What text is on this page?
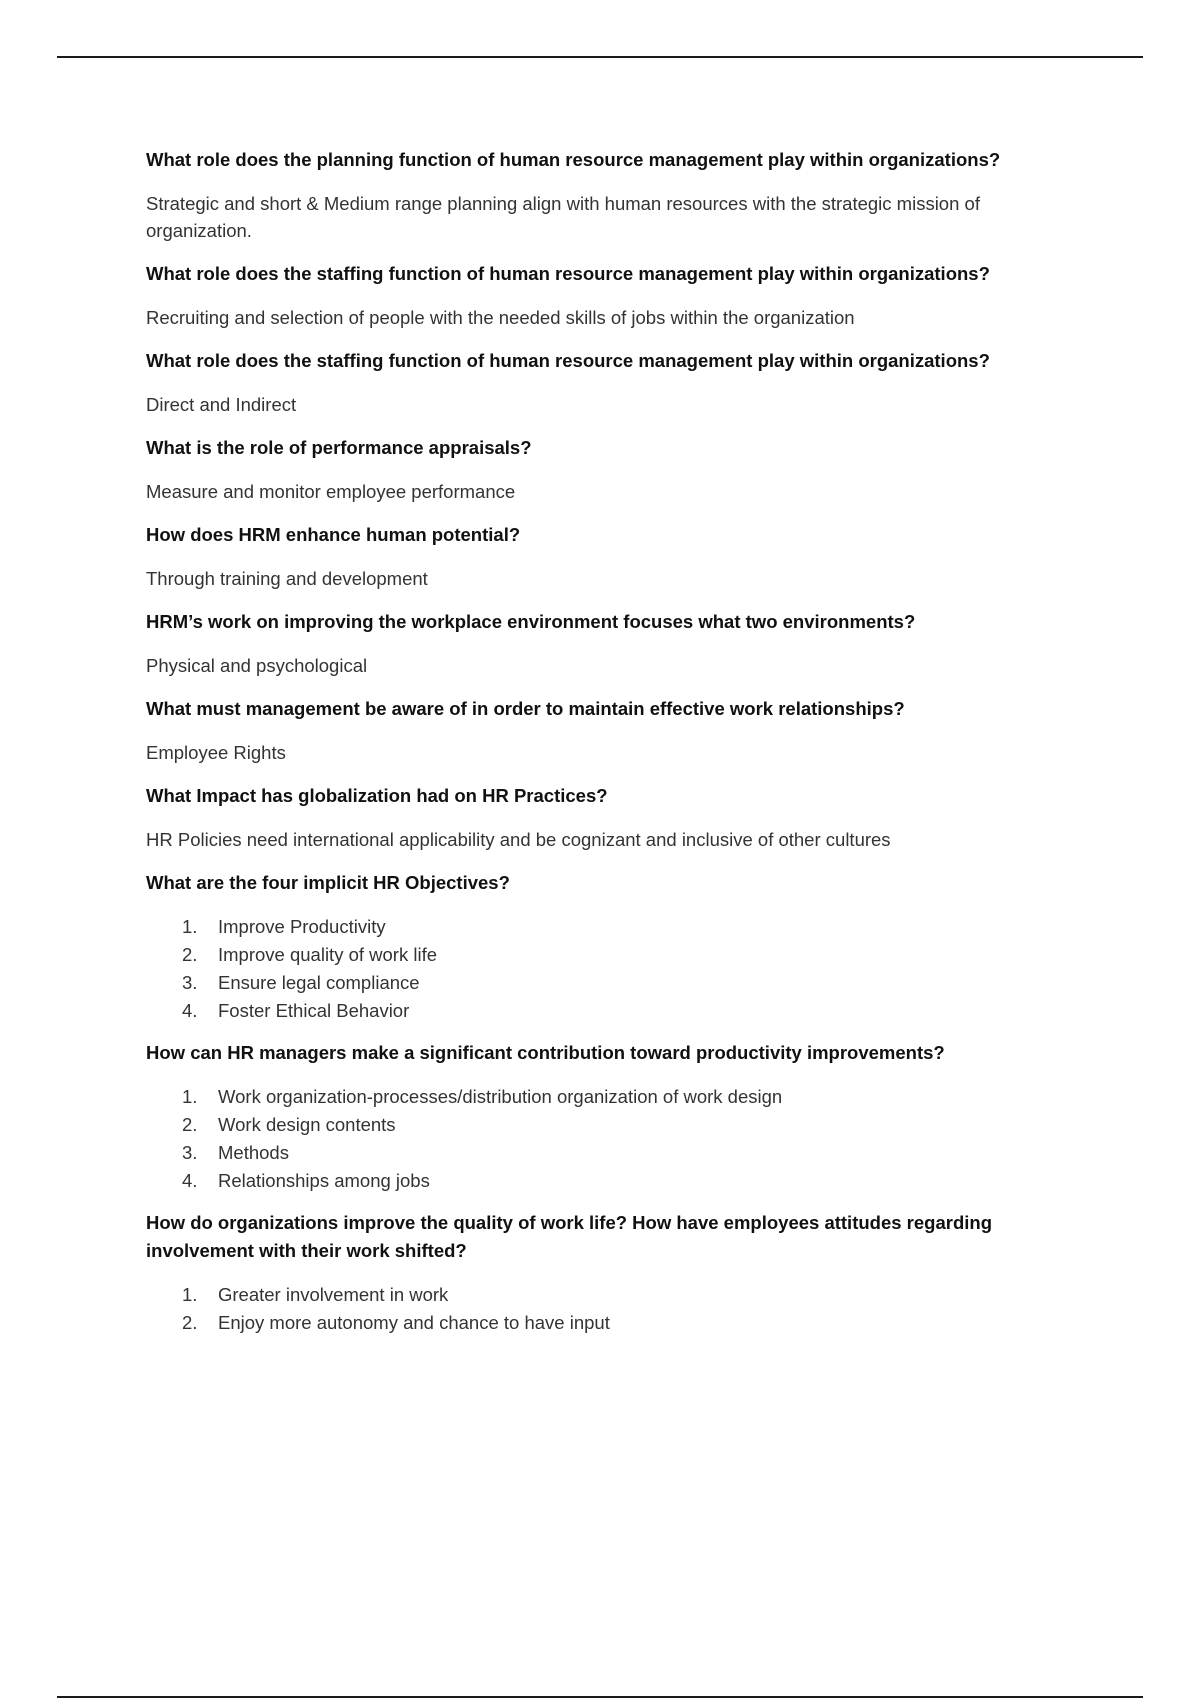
What role does the planning function of human resource management play within organizations?

Strategic and short & Medium range planning align with human resources with the strategic mission of organization.

What role does the staffing function of human resource management play within organizations?

Recruiting and selection of people with the needed skills of jobs within the organization

What role does the staffing function of human resource management play within organizations?

Direct and Indirect

What is the role of performance appraisals?

Measure and monitor employee performance

How does HRM enhance human potential?

Through training and development

HRM’s work on improving the workplace environment focuses what two environments?

Physical and psychological

What must management be aware of in order to maintain effective work relationships?

Employee Rights

What Impact has globalization had on HR Practices?

HR Policies need international applicability and be cognizant and inclusive of other cultures

What are the four implicit HR Objectives?

1.	Improve Productivity
2.	Improve quality of work life
3.	Ensure legal compliance
4.	Foster Ethical Behavior

How can HR managers make a significant contribution toward productivity improvements?

1.	Work organization-processes/distribution organization of work design
2.	Work design contents
3.	Methods
4.	Relationships among jobs

How do organizations improve the quality of work life? How have employees attitudes regarding involvement with their work shifted?

1.	Greater involvement in work
2.	Enjoy more autonomy and chance to have input
